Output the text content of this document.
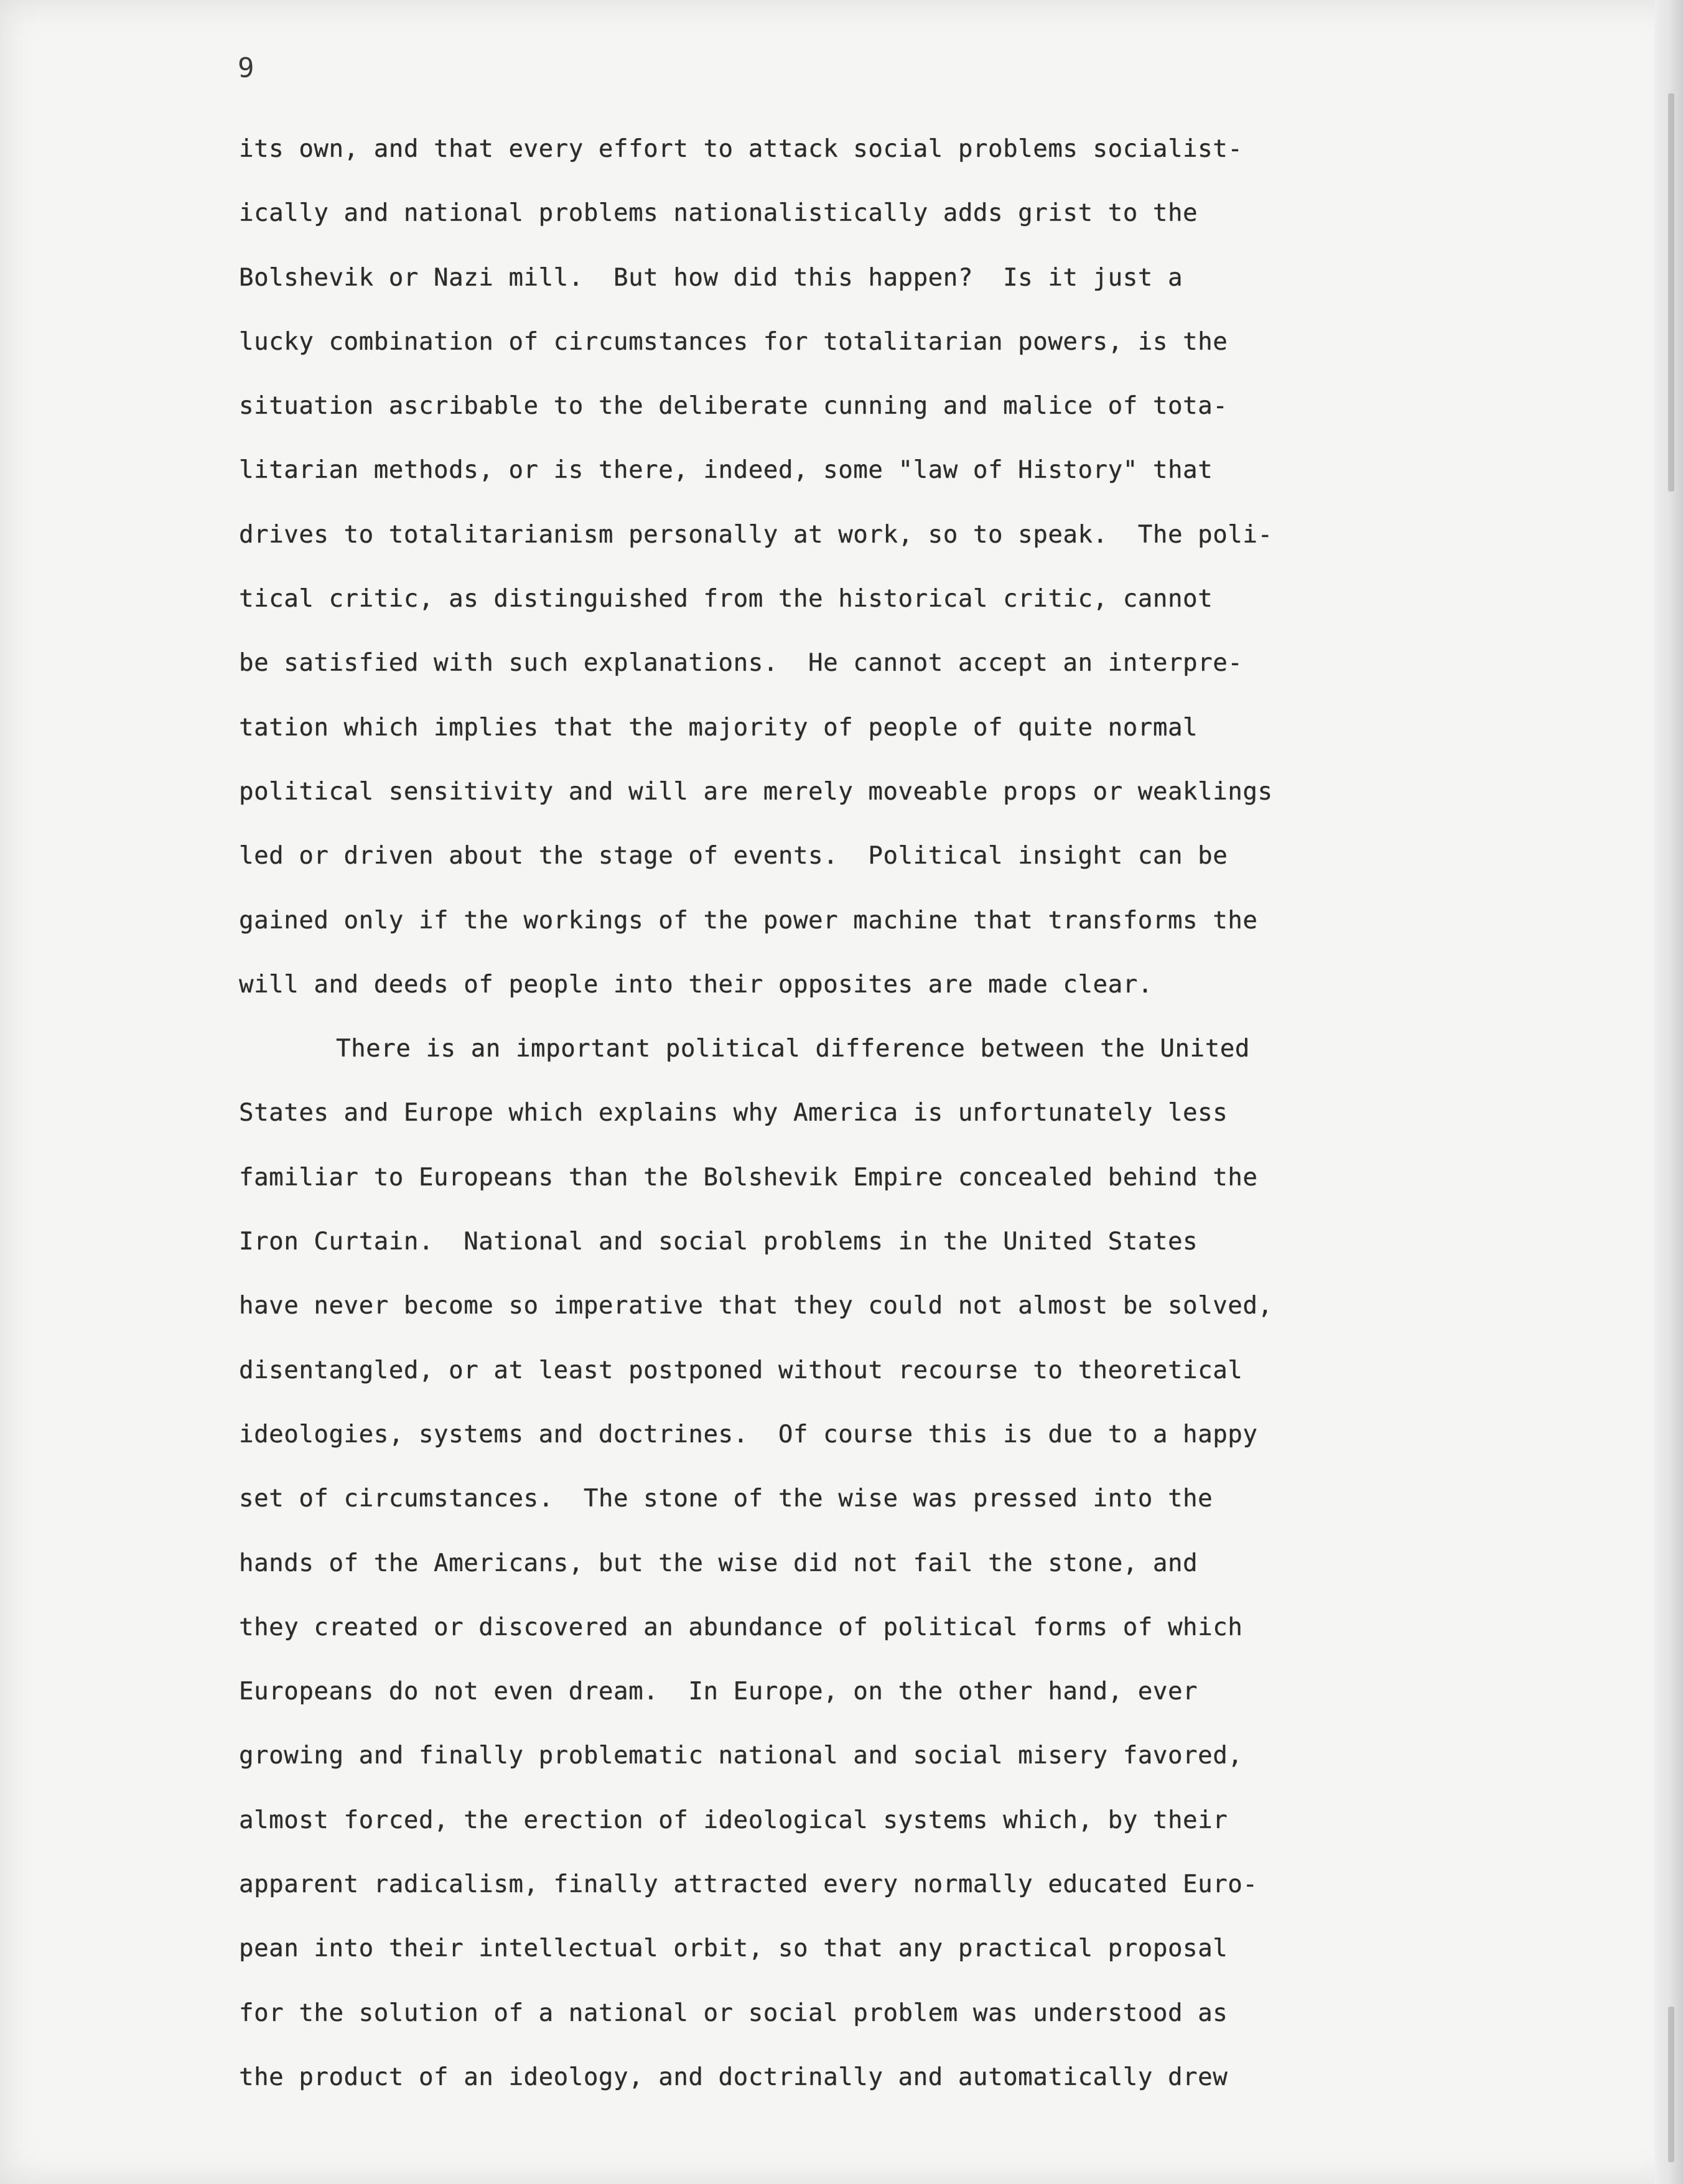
9

its own, and that every effort to attack social problems socialist-
ically and national problems nationalistically adds grist to the
Bolshevik or Nazi mill.  But how did this happen?  Is it just a
lucky combination of circumstances for totalitarian powers, is the
situation ascribable to the deliberate cunning and malice of tota-
litarian methods, or is there, indeed, some "law of History" that
drives to totalitarianism personally at work, so to speak.  The poli-
tical critic, as distinguished from the historical critic, cannot
be satisfied with such explanations.  He cannot accept an interpre-
tation which implies that the majority of people of quite normal
political sensitivity and will are merely moveable props or weaklings
led or driven about the stage of events.  Political insight can be
gained only if the workings of the power machine that transforms the
will and deeds of people into their opposites are made clear.
There is an important political difference between the United
States and Europe which explains why America is unfortunately less
familiar to Europeans than the Bolshevik Empire concealed behind the
Iron Curtain.  National and social problems in the United States
have never become so imperative that they could not almost be solved,
disentangled, or at least postponed without recourse to theoretical
ideologies, systems and doctrines.  Of course this is due to a happy
set of circumstances.  The stone of the wise was pressed into the
hands of the Americans, but the wise did not fail the stone, and
they created or discovered an abundance of political forms of which
Europeans do not even dream.  In Europe, on the other hand, ever
growing and finally problematic national and social misery favored,
almost forced, the erection of ideological systems which, by their
apparent radicalism, finally attracted every normally educated Euro-
pean into their intellectual orbit, so that any practical proposal
for the solution of a national or social problem was understood as
the product of an ideology, and doctrinally and automatically drew
